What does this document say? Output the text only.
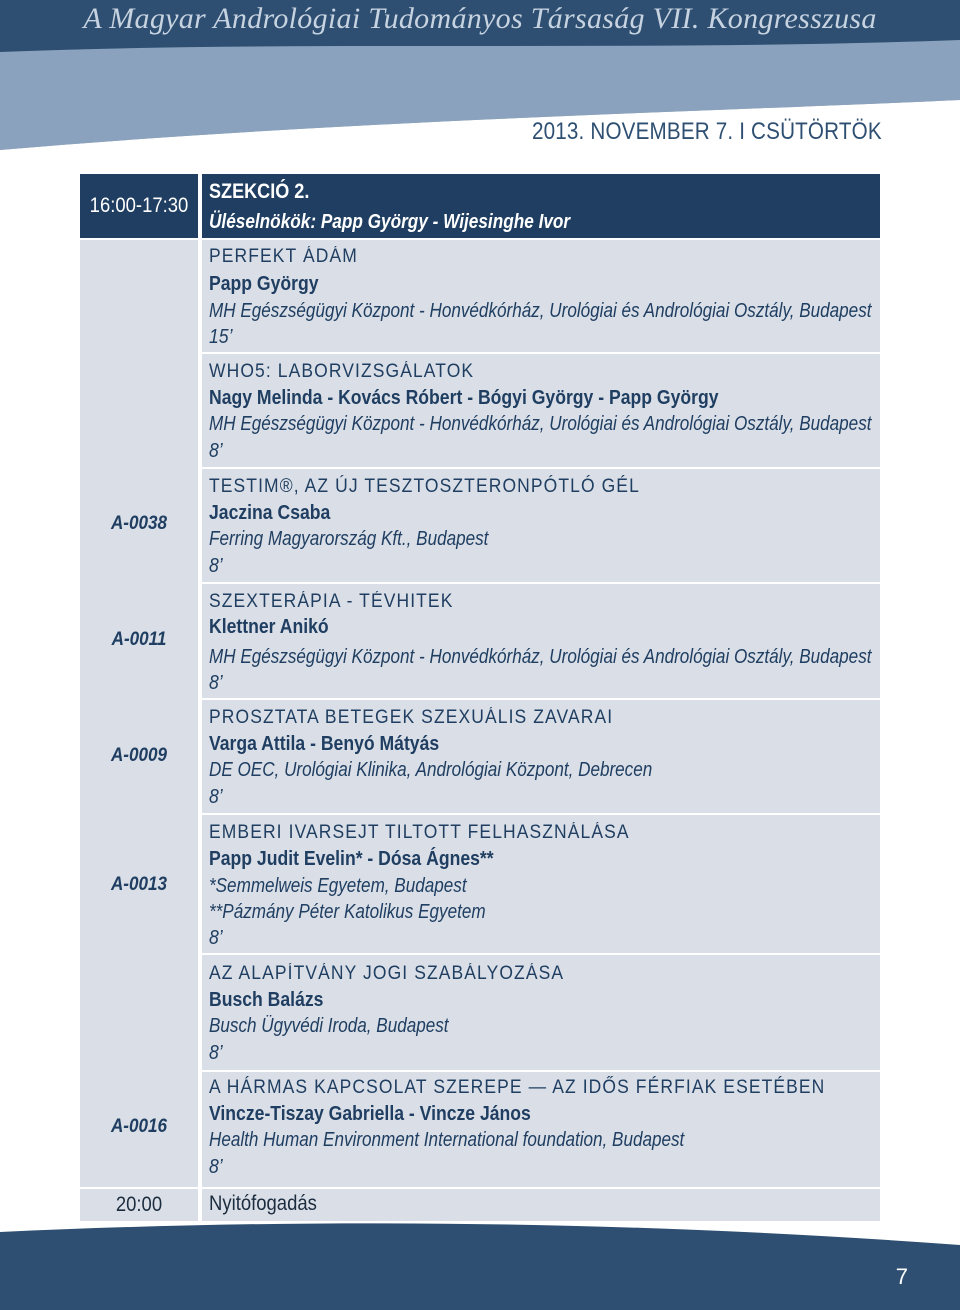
A Magyar Andrológiai Tudományos Társaság VII. Kongresszusa
2013. NOVEMBER 7. I CSÜTÖRTÖK
16:00-17:30
A-0038
A-0011
A-0009
A-0013
A-0016
20:00
SZEKCIÓ 2.
Üléselnökök: Papp György - Wijesinghe Ivor
PERFEKT ÁDÁM
Papp György
MH Egészségügyi Központ - Honvédkórház, Urológiai és Andrológiai Osztály, Budapest
15’
WHO5: LABORVIZSGÁLATOK
Nagy Melinda - Kovács Róbert - Bógyi György - Papp György
MH Egészségügyi Központ - Honvédkórház, Urológiai és Andrológiai Osztály, Budapest
8’
TESTIM®, AZ ÚJ TESZTOSZTERONPÓTLÓ GÉL
Jaczina Csaba
Ferring Magyarország Kft., Budapest
8’
SZEXTERÁPIA - TÉVHITEK
Klettner Anikó
MH Egészségügyi Központ - Honvédkórház, Urológiai és Andrológiai Osztály, Budapest
8’
PROSZTATA BETEGEK SZEXUÁLIS ZAVARAI
Varga Attila - Benyó Mátyás
DE OEC, Urológiai Klinika, Andrológiai Központ, Debrecen
8’
EMBERI IVARSEJT TILTOTT FELHASZNÁLÁSA
Papp Judit Evelin* - Dósa Ágnes**
*Semmelweis Egyetem, Budapest
**Pázmány Péter Katolikus Egyetem
8’
AZ ALAPÍTVÁNY JOGI SZABÁLYOZÁSA
Busch Balázs
Busch Ügyvédi Iroda, Budapest
8’
A HÁRMAS KAPCSOLAT SZEREPE — AZ IDŐS FÉRFIAK ESETÉBEN
Vincze-Tiszay Gabriella - Vincze János
Health Human Environment International foundation, Budapest
8’
Nyitófogadás
7
